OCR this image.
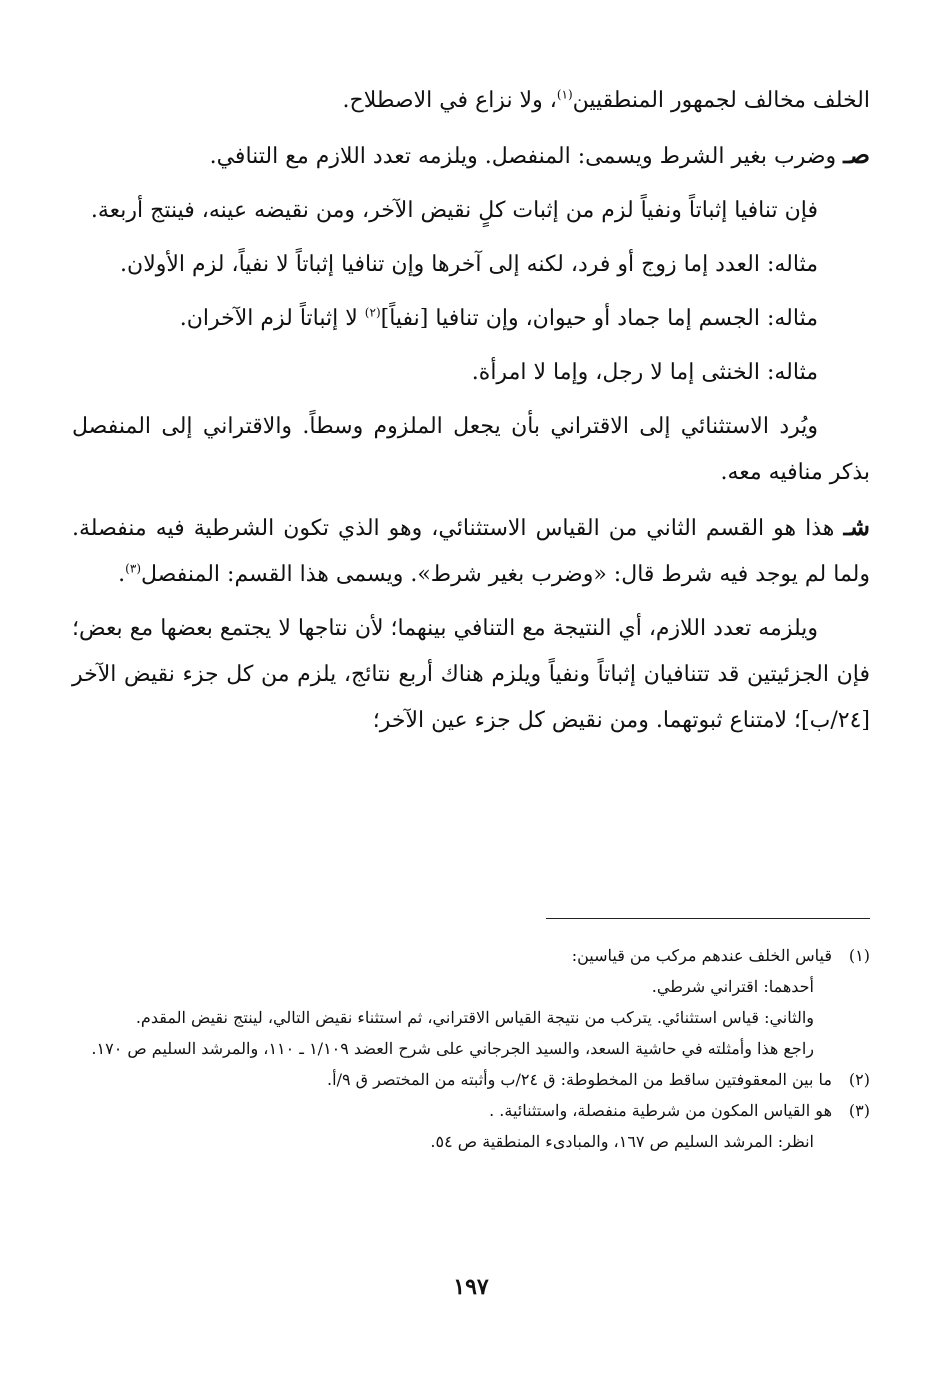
الخلف مخالف لجمهور المنطقيين$^{(١)}$، ولا نزاع في الاصطلاح.

صـ وضرب بغير الشرط ويسمى: المنفصل. ويلزمه تعدد اللازم مع التنافي.

فإن تنافيا إثباتاً ونفياً لزم من إثبات كلٍ نقيض الآخر، ومن نقيضه عينه، فينتج أربعة.

مثاله: العدد إما زوج أو فرد، لكنه إلى آخرها وإن تنافيا إثباتاً لا نفياً، لزم الأولان.

مثاله: الجسم إما جماد أو حيوان، وإن تنافيا [نفياً]$^{(٢)}$ لا إثباتاً لزم الآخران.

مثاله: الخنثى إما لا رجل، وإما لا امرأة.

ويُرد الاستثنائي إلى الاقتراني بأن يجعل الملزوم وسطاً. والاقتراني إلى المنفصل بذكر منافيه معه.

شـ هذا هو القسم الثاني من القياس الاستثنائي، وهو الذي تكون الشرطية فيه منفصلة. ولما لم يوجد فيه شرط قال: «وضرب بغير شرط». ويسمى هذا القسم: المنفصل$^{(٣)}$.

ويلزمه تعدد اللازم، أي النتيجة مع التنافي بينهما؛ لأن نتاجها لا يجتمع بعضها مع بعض؛ فإن الجزئيتين قد تتنافيان إثباتاً ونفياً ويلزم هناك أربع نتائج، يلزم من كل جزء نقيض الآخر [٢٤/ب]؛ لامتناع ثبوتهما. ومن نقيض كل جزء عين الآخر؛

(١)
قياس الخلف عندهم مركب من قياسين:
أحدهما: اقتراني شرطي.
والثاني: قياس استثنائي. يتركب من نتيجة القياس الاقتراني، ثم استثناء نقيض التالي، لينتج نقيض المقدم.
راجع هذا وأمثلته في حاشية السعد، والسيد الجرجاني على شرح العضد ١/١٠٩ ـ ١١٠، والمرشد السليم ص ١٧٠.
(٢)
ما بين المعقوفتين ساقط من المخطوطة: ق ٢٤/ب وأثبته من المختصر ق ٩/أ.
(٣)
هو القياس المكون من شرطية منفصلة، واستثنائية. .
انظر: المرشد السليم ص ١٦٧، والمبادىء المنطقية ص ٥٤.
١٩٧
